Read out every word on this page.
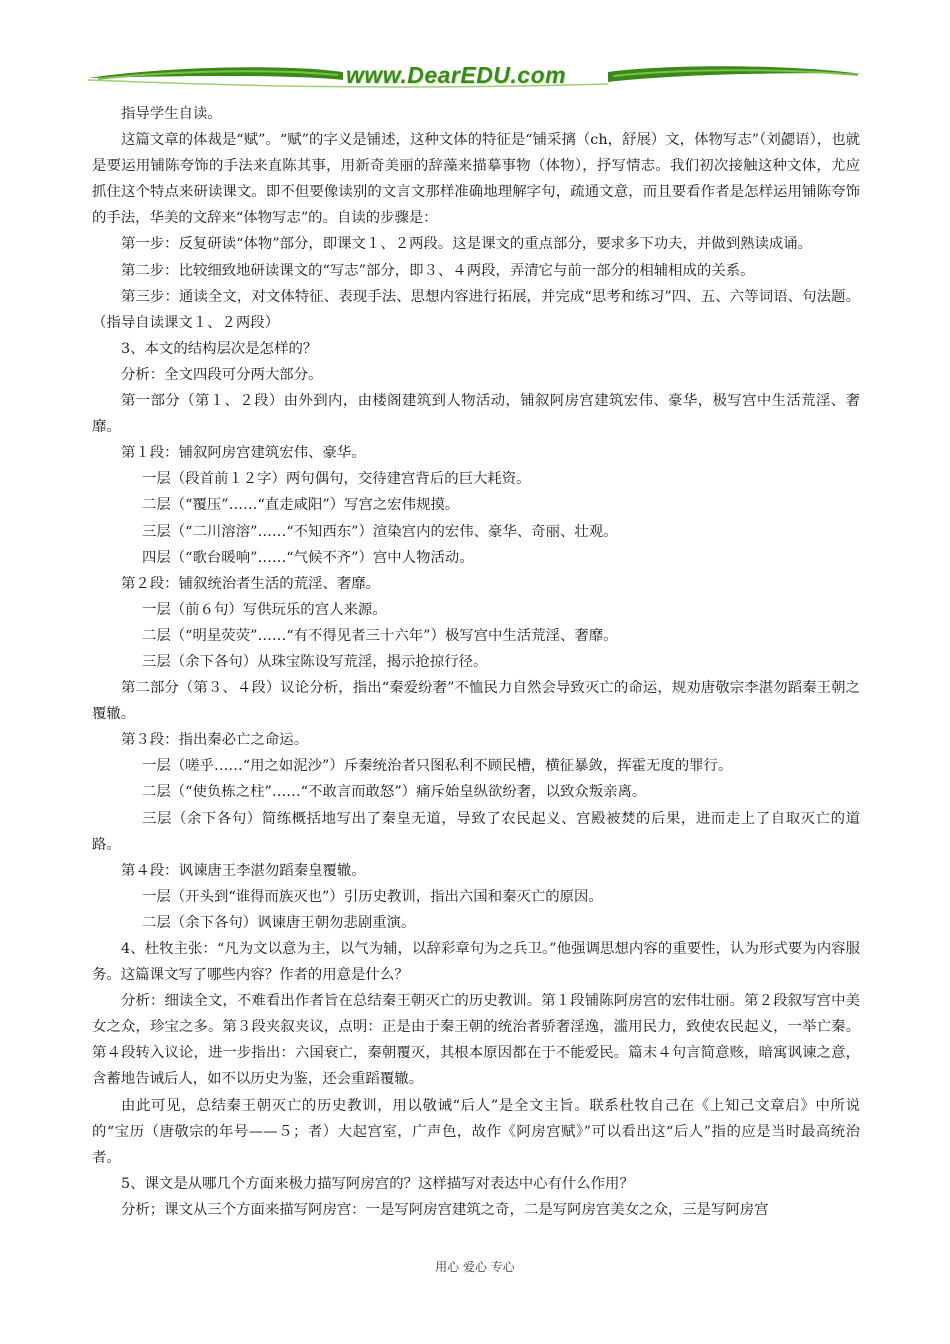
www.DearEDU.com

指导学生自读。

这篇文章的体裁是“赋”。“赋”的字义是铺述，这种文体的特征是“铺采摛（ch，舒展）文，体物写志”（刘勰语），也就是要运用铺陈夸饰的手法来直陈其事，用新奇美丽的辞藻来描摹事物（体物），抒写情志。我们初次接触这种文体，尤应抓住这个特点来研读课文。即不但要像读别的文言文那样准确地理解字句，疏通文意，而且要看作者是怎样运用铺陈夸饰的手法，华美的文辞来“体物写志”的。自读的步骤是：

第一步：反复研读“体物”部分，即课文１、２两段。这是课文的重点部分，要求多下功夫，并做到熟读成诵。

第二步：比较细致地研读课文的“写志”部分，即３、４两段，弄清它与前一部分的相辅相成的关系。

第三步：通读全文，对文体特征、表现手法、思想内容进行拓展，并完成“思考和练习”四、五、六等词语、句法题。（指导自读课文１、２两段）

3、本文的结构层次是怎样的？

分析：全文四段可分两大部分。

第一部分（第１、２段）由外到内，由楼阁建筑到人物活动，铺叙阿房宫建筑宏伟、豪华，极写宫中生活荒淫、奢靡。

第１段：铺叙阿房宫建筑宏伟、豪华。

一层（段首前１２字）两句偶句，交待建宫背后的巨大耗资。

二层（“覆压”……“直走咸阳”）写宫之宏伟规摸。

三层（“二川溶溶”……“不知西东”）渲染宫内的宏伟、豪华、奇丽、壮观。

四层（“歌台暖响”……“气候不齐”）宫中人物活动。

第２段：铺叙统治者生活的荒淫、奢靡。

一层（前６句）写供玩乐的宫人来源。

二层（“明星荧荧”……“有不得见者三十六年”）极写宫中生活荒淫、奢靡。

三层（余下各句）从珠宝陈设写荒淫，揭示抢掠行径。

第二部分（第３、４段）议论分析，指出“秦爱纷奢”不恤民力自然会导致灭亡的命运，规劝唐敬宗李湛勿蹈秦王朝之覆辙。

第３段：指出秦必亡之命运。

一层（嗟乎……“用之如泥沙”）斥秦统治者只图私利不顾民槽，横征暴敛，挥霍无度的罪行。

二层（“使负栋之柱”……“不敢言而敢怒”）痛斥始皇纵欲纷奢，以致众叛亲离。

三层（余下各句）简练概括地写出了秦皇无道，导致了农民起义、宫殿被焚的后果，进而走上了自取灭亡的道路。

第４段：讽谏唐王李湛勿蹈秦皇覆辙。

一层（开头到“谁得而族灭也”）引历史教训，指出六国和秦灭亡的原因。

二层（余下各句）讽谏唐王朝勿悲剧重演。

4、杜牧主张：“凡为文以意为主，以气为辅，以辞彩章句为之兵卫。”他强调思想内容的重要性，认为形式要为内容服务。这篇课文写了哪些内容？作者的用意是什么？

分析：细读全文，不难看出作者旨在总结秦王朝灭亡的历史教训。第１段铺陈阿房宫的宏伟壮丽。第２段叙写宫中美女之众，珍宝之多。第３段夹叙夹议，点明：正是由于秦王朝的统治者骄奢淫逸，滥用民力，致使农民起义，一举亡秦。第４段转入议论，进一步指出：六国衰亡，秦朝覆灭，其根本原因都在于不能爱民。篇末４句言简意赅，暗寓讽谏之意，含蓄地告诫后人，如不以历史为鉴，还会重蹈覆辙。

由此可见，总结秦王朝灭亡的历史教训，用以敬诫“后人”是全文主旨。联系杜牧自己在《上知己文章启》中所说的“宝历（唐敬宗的年号——５；者）大起宫室，广声色，故作《阿房宫赋》”可以看出这“后人”指的应是当时最高统治者。

5、课文是从哪几个方面来极力描写阿房宫的？这样描写对表达中心有什么作用？

分析；课文从三个方面来描写阿房宫：一是写阿房宫建筑之奇，二是写阿房宫美女之众，三是写阿房宫

用心 爱心 专心
